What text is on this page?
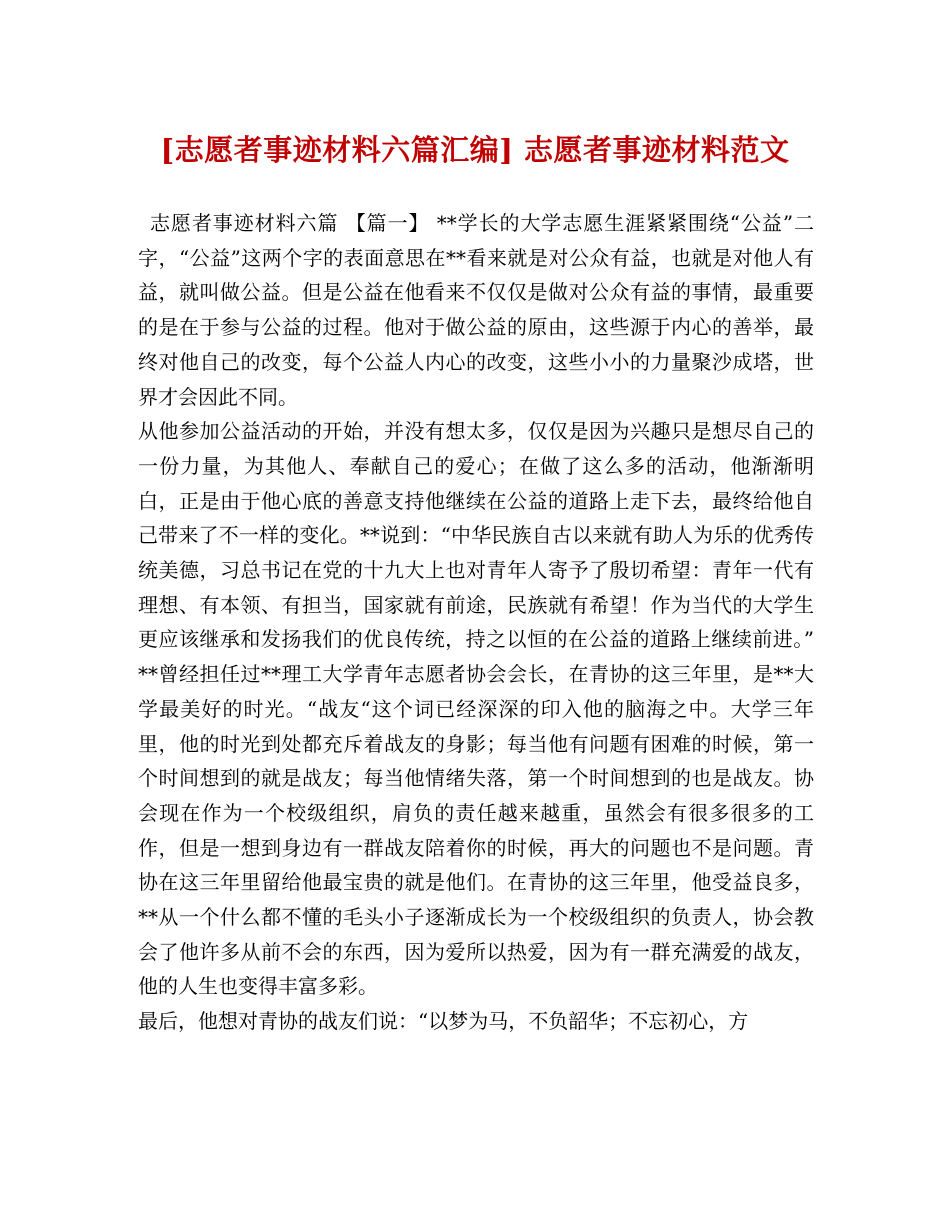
[志愿者事迹材料六篇汇编] 志愿者事迹材料范文

志愿者事迹材料六篇 【篇一】 **学长的大学志愿生涯紧紧围绕“公益”二字，“公益”这两个字的表面意思在**看来就是对公众有益，也就是对他人有益，就叫做公益。但是公益在他看来不仅仅是做对公众有益的事情，最重要的是在于参与公益的过程。他对于做公益的原由，这些源于内心的善举，最终对他自己的改变，每个公益人内心的改变，这些小小的力量聚沙成塔，世界才会因此不同。

从他参加公益活动的开始，并没有想太多，仅仅是因为兴趣只是想尽自己的一份力量，为其他人、奉献自己的爱心；在做了这么多的活动，他渐渐明白，正是由于他心底的善意支持他继续在公益的道路上走下去，最终给他自己带来了不一样的变化。**说到：“中华民族自古以来就有助人为乐的优秀传统美德，习总书记在党的十九大上也对青年人寄予了殷切希望：青年一代有理想、有本领、有担当，国家就有前途，民族就有希望！作为当代的大学生更应该继承和发扬我们的优良传统，持之以恒的在公益的道路上继续前进。” **曾经担任过**理工大学青年志愿者协会会长，在青协的这三年里，是**大学最美好的时光。“战友“这个词已经深深的印入他的脑海之中。大学三年里，他的时光到处都充斥着战友的身影；每当他有问题有困难的时候，第一个时间想到的就是战友；每当他情绪失落，第一个时间想到的也是战友。协会现在作为一个校级组织，肩负的责任越来越重，虽然会有很多很多的工作，但是一想到身边有一群战友陪着你的时候，再大的问题也不是问题。青协在这三年里留给他最宝贵的就是他们。在青协的这三年里，他受益良多，**从一个什么都不懂的毛头小子逐渐成长为一个校级组织的负责人，协会教会了他许多从前不会的东西，因为爱所以热爱，因为有一群充满爱的战友，他的人生也变得丰富多彩。

最后，他想对青协的战友们说：“以梦为马，不负韶华；不忘初心，方
